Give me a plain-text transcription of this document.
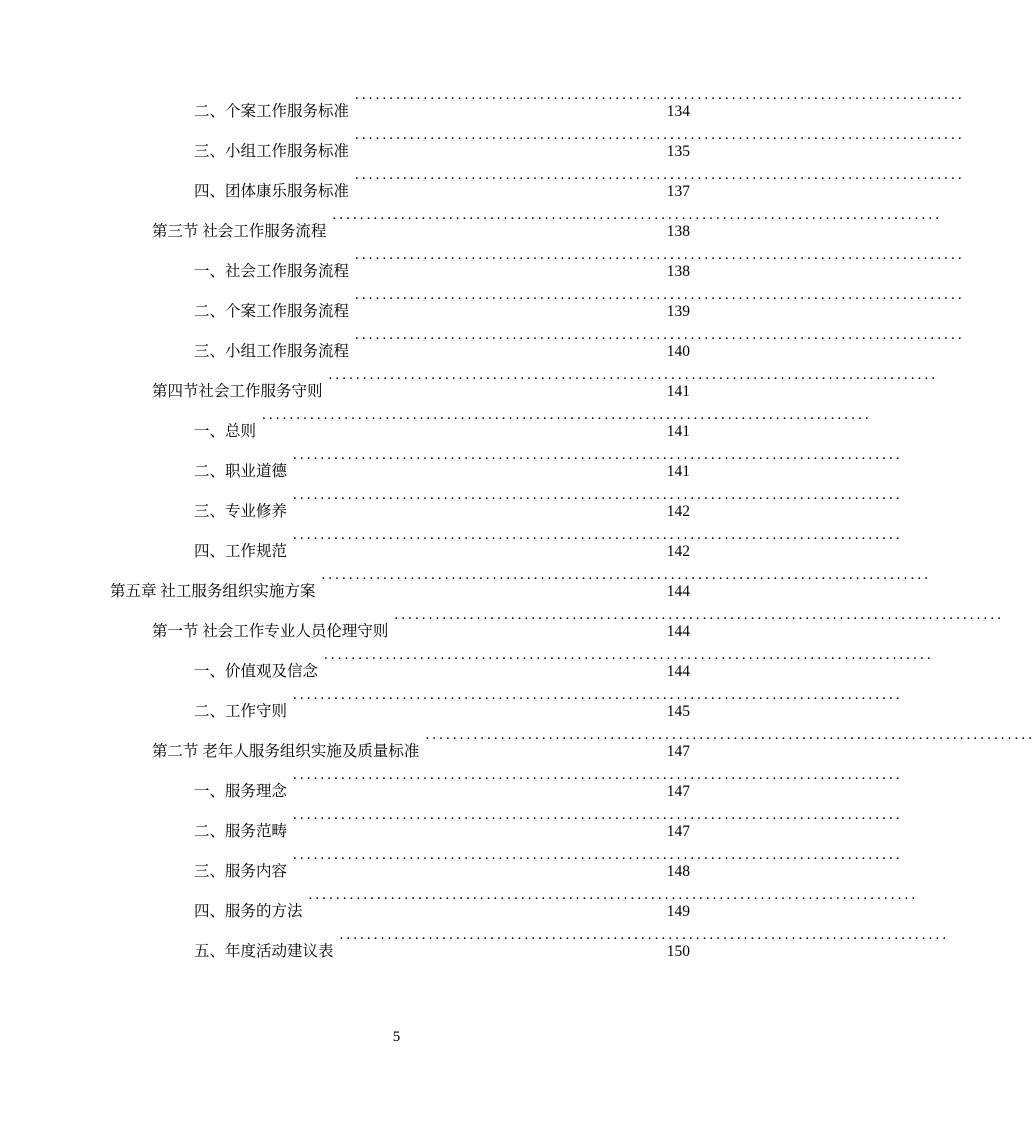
二、个案工作服务标准
.........................................................................................
134
三、小组工作服务标准
.........................................................................................
135
四、团体康乐服务标准
.........................................................................................
137
第三节 社会工作服务流程
.........................................................................................
138
一、社会工作服务流程
.........................................................................................
138
二、个案工作服务流程
.........................................................................................
139
三、小组工作服务流程
.........................................................................................
140
第四节社会工作服务守则
.........................................................................................
141
一、总则
.........................................................................................
141
二、职业道德
.........................................................................................
141
三、专业修养
.........................................................................................
142
四、工作规范
.........................................................................................
142
第五章 社工服务组织实施方案
.........................................................................................
144
第一节 社会工作专业人员伦理守则
.........................................................................................
144
一、价值观及信念
.........................................................................................
144
二、工作守则
.........................................................................................
145
第二节 老年人服务组织实施及质量标准
.........................................................................................
147
一、服务理念
.........................................................................................
147
二、服务范畴
.........................................................................................
147
三、服务内容
.........................................................................................
148
四、服务的方法
.........................................................................................
149
五、年度活动建议表
.........................................................................................
150
5
